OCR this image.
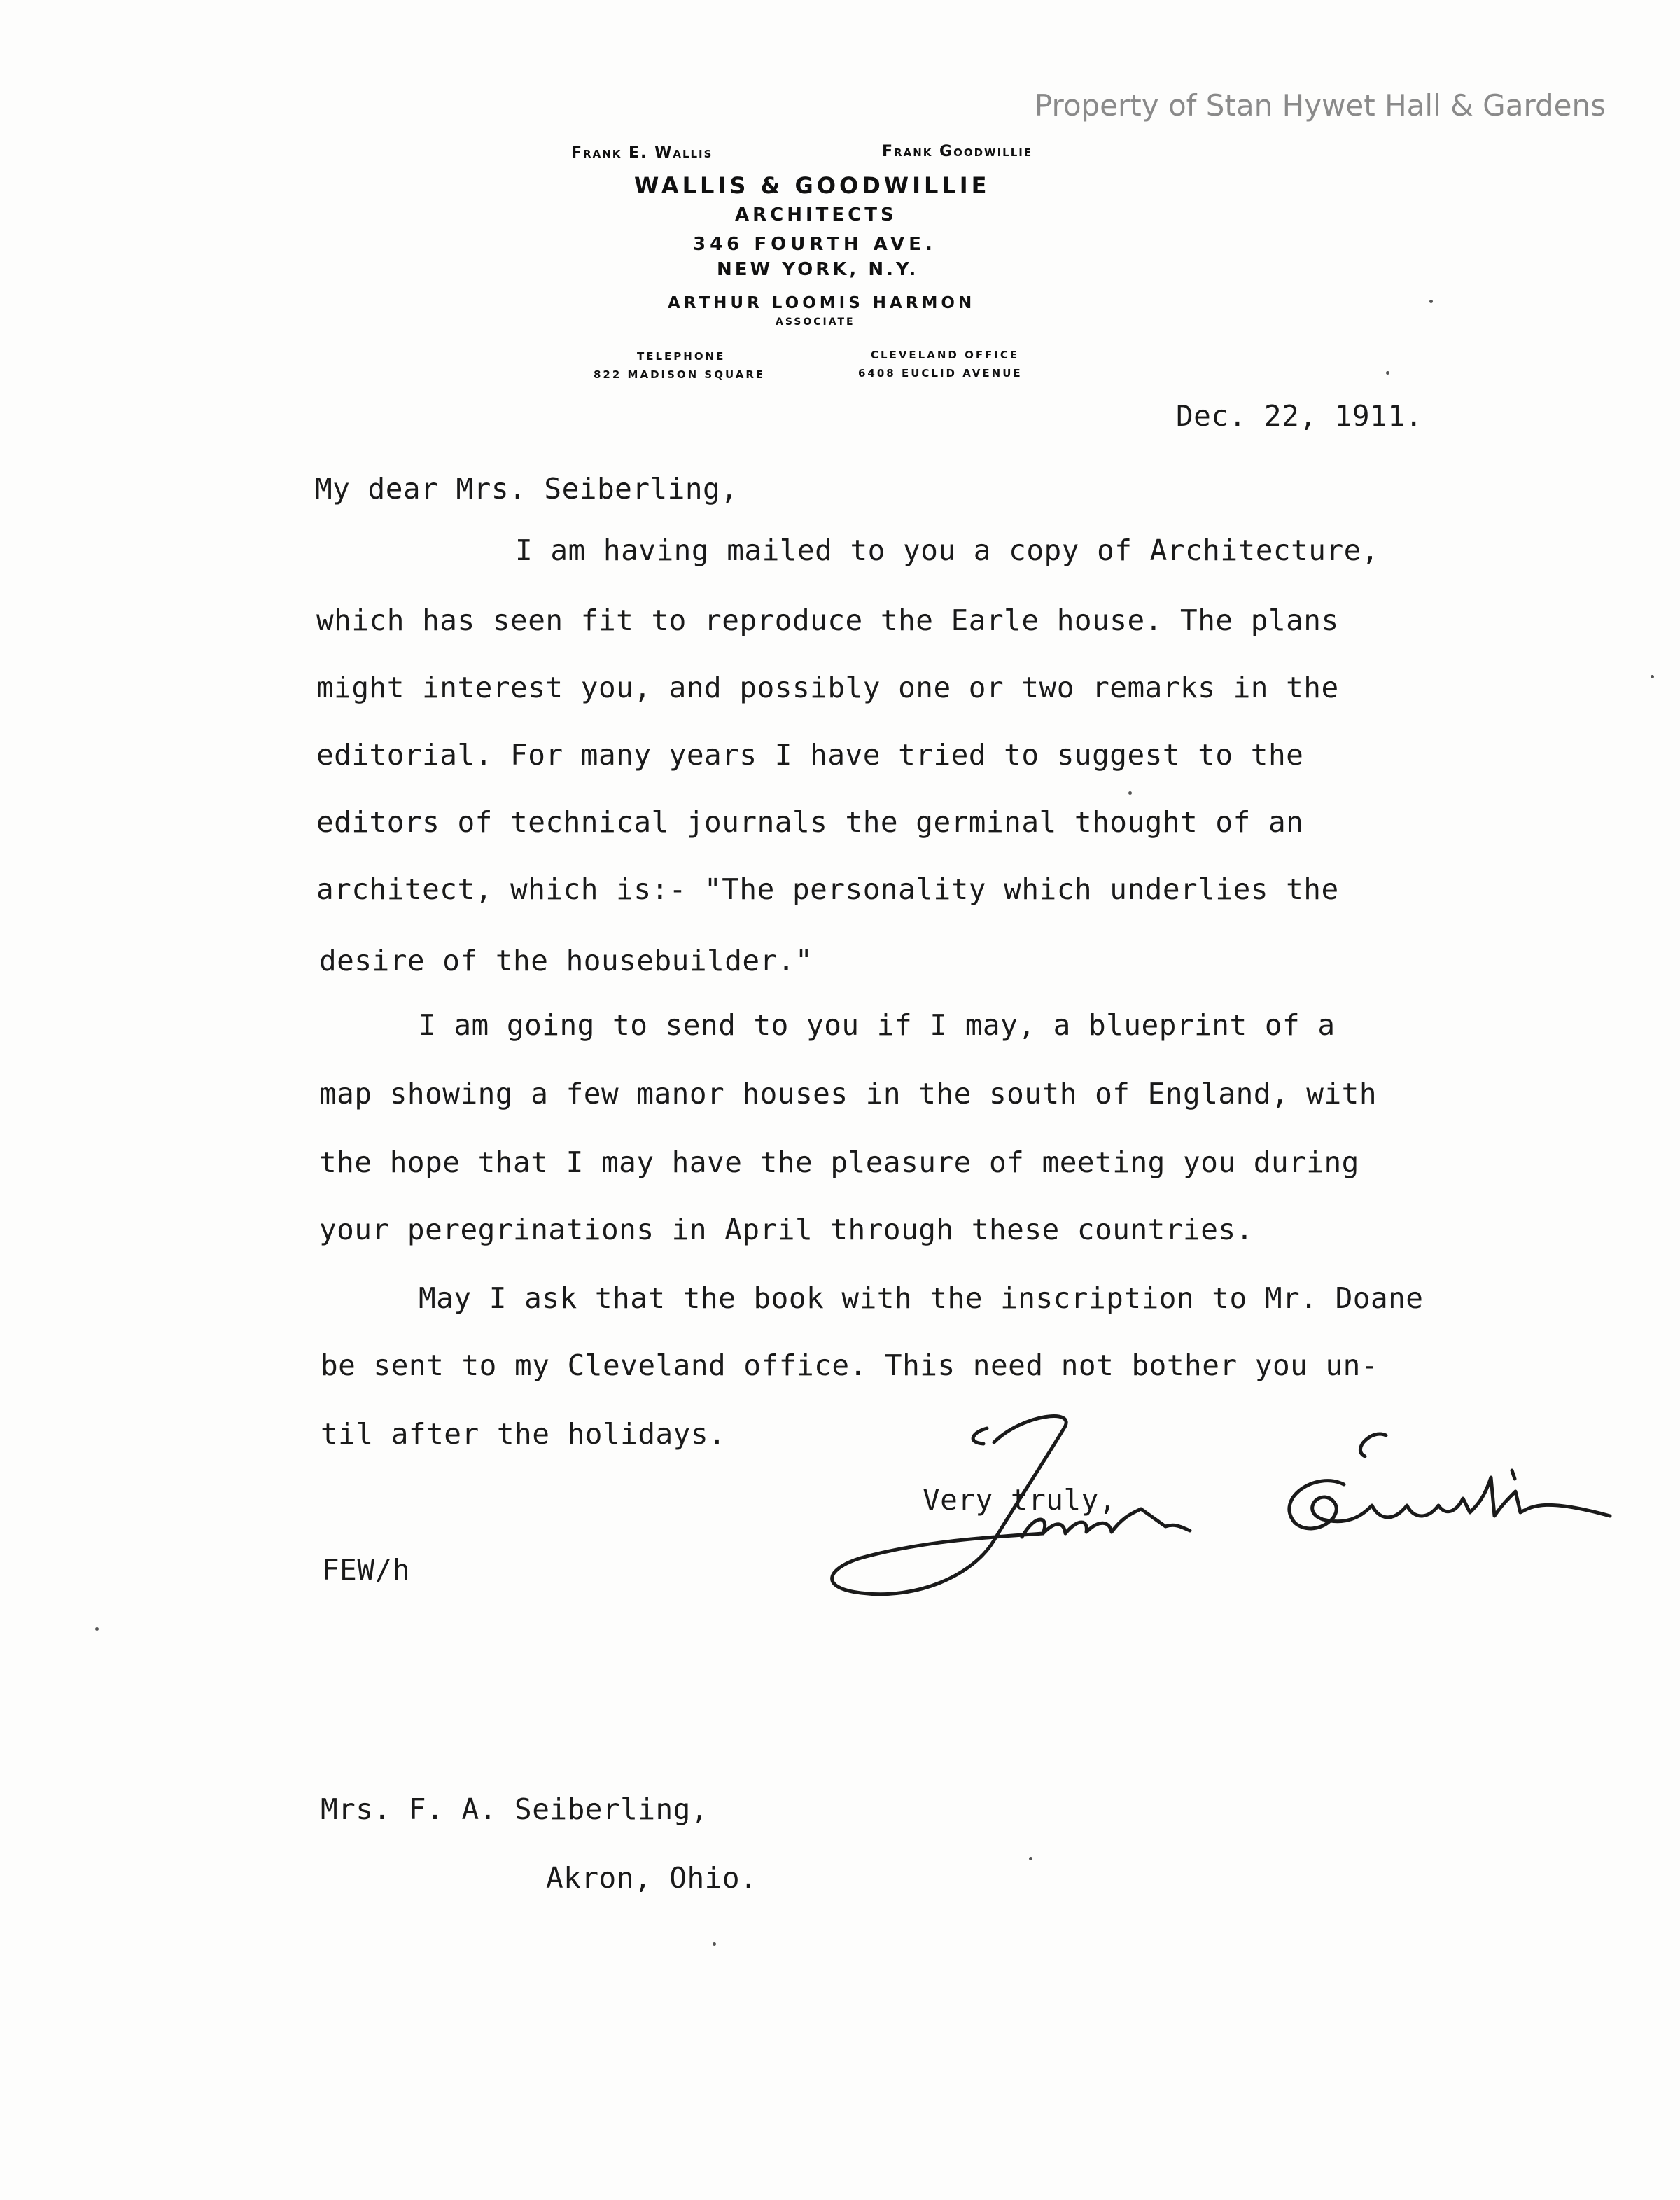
Property of Stan Hywet Hall & Gardens
Frank E. Wallis	Frank Goodwillie
WALLIS & GOODWILLIE
ARCHITECTS
346 FOURTH AVE.
NEW YORK, N.Y.
ARTHUR LOOMIS HARMON
ASSOCIATE
TELEPHONE
822 MADISON SQUARE
CLEVELAND OFFICE
6408 EUCLID AVENUE
Dec. 22, 1911.
My dear Mrs. Seiberling,
I am having mailed to you a copy of Architecture,
which has seen fit to reproduce the Earle house. The plans
might interest you, and possibly one or two remarks in the
editorial. For many years I have tried to suggest to the
editors of technical journals the germinal thought of an
architect, which is:- "The personality which underlies the
desire of the housebuilder."
I am going to send to you if I may, a blueprint of a
map showing a few manor houses in the south of England, with
the hope that I may have the pleasure of meeting you during
your peregrinations in April through these countries.
May I ask that the book with the inscription to Mr. Doane
be sent to my Cleveland office. This need not bother you un-
til after the holidays.
Very truly,
FEW/h
Mrs. F. A. Seiberling,
Akron, Ohio.
